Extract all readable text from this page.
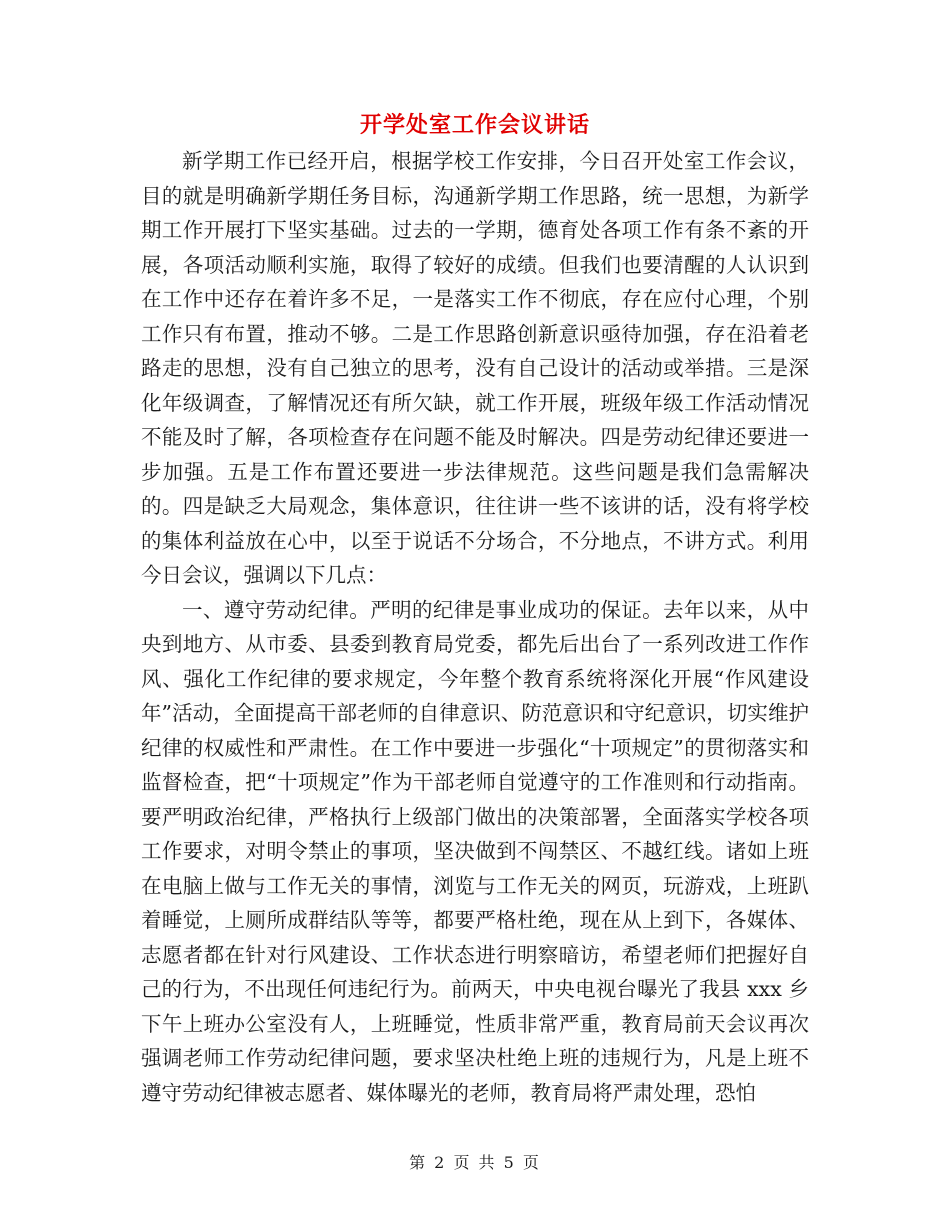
开学处室工作会议讲话

新学期工作已经开启，根据学校工作安排，今日召开处室工作会议，目的就是明确新学期任务目标，沟通新学期工作思路，统一思想，为新学期工作开展打下坚实基础。过去的一学期，德育处各项工作有条不紊的开展，各项活动顺利实施，取得了较好的成绩。但我们也要清醒的人认识到在工作中还存在着许多不足，一是落实工作不彻底，存在应付心理，个别工作只有布置，推动不够。二是工作思路创新意识亟待加强，存在沿着老路走的思想，没有自己独立的思考，没有自己设计的活动或举措。三是深化年级调查，了解情况还有所欠缺，就工作开展，班级年级工作活动情况不能及时了解，各项检查存在问题不能及时解决。四是劳动纪律还要进一步加强。五是工作布置还要进一步法律规范。这些问题是我们急需解决的。四是缺乏大局观念，集体意识，往往讲一些不该讲的话，没有将学校的集体利益放在心中，以至于说话不分场合，不分地点，不讲方式。利用今日会议，强调以下几点：

一、遵守劳动纪律。严明的纪律是事业成功的保证。去年以来，从中央到地方、从市委、县委到教育局党委，都先后出台了一系列改进工作作风、强化工作纪律的要求规定，今年整个教育系统将深化开展“作风建设年”活动，全面提高干部老师的自律意识、防范意识和守纪意识，切实维护纪律的权威性和严肃性。在工作中要进一步强化“十项规定”的贯彻落实和监督检查，把“十项规定”作为干部老师自觉遵守的工作准则和行动指南。要严明政治纪律，严格执行上级部门做出的决策部署，全面落实学校各项工作要求，对明令禁止的事项，坚决做到不闯禁区、不越红线。诸如上班在电脑上做与工作无关的事情，浏览与工作无关的网页，玩游戏，上班趴着睡觉，上厕所成群结队等等，都要严格杜绝，现在从上到下，各媒体、志愿者都在针对行风建设、工作状态进行明察暗访，希望老师们把握好自己的行为，不出现任何违纪行为。前两天，中央电视台曝光了我县 xxx 乡下午上班办公室没有人，上班睡觉，性质非常严重，教育局前天会议再次强调老师工作劳动纪律问题，要求坚决杜绝上班的违规行为，凡是上班不遵守劳动纪律被志愿者、媒体曝光的老师，教育局将严肃处理，恐怕

第 2 页 共 5 页
